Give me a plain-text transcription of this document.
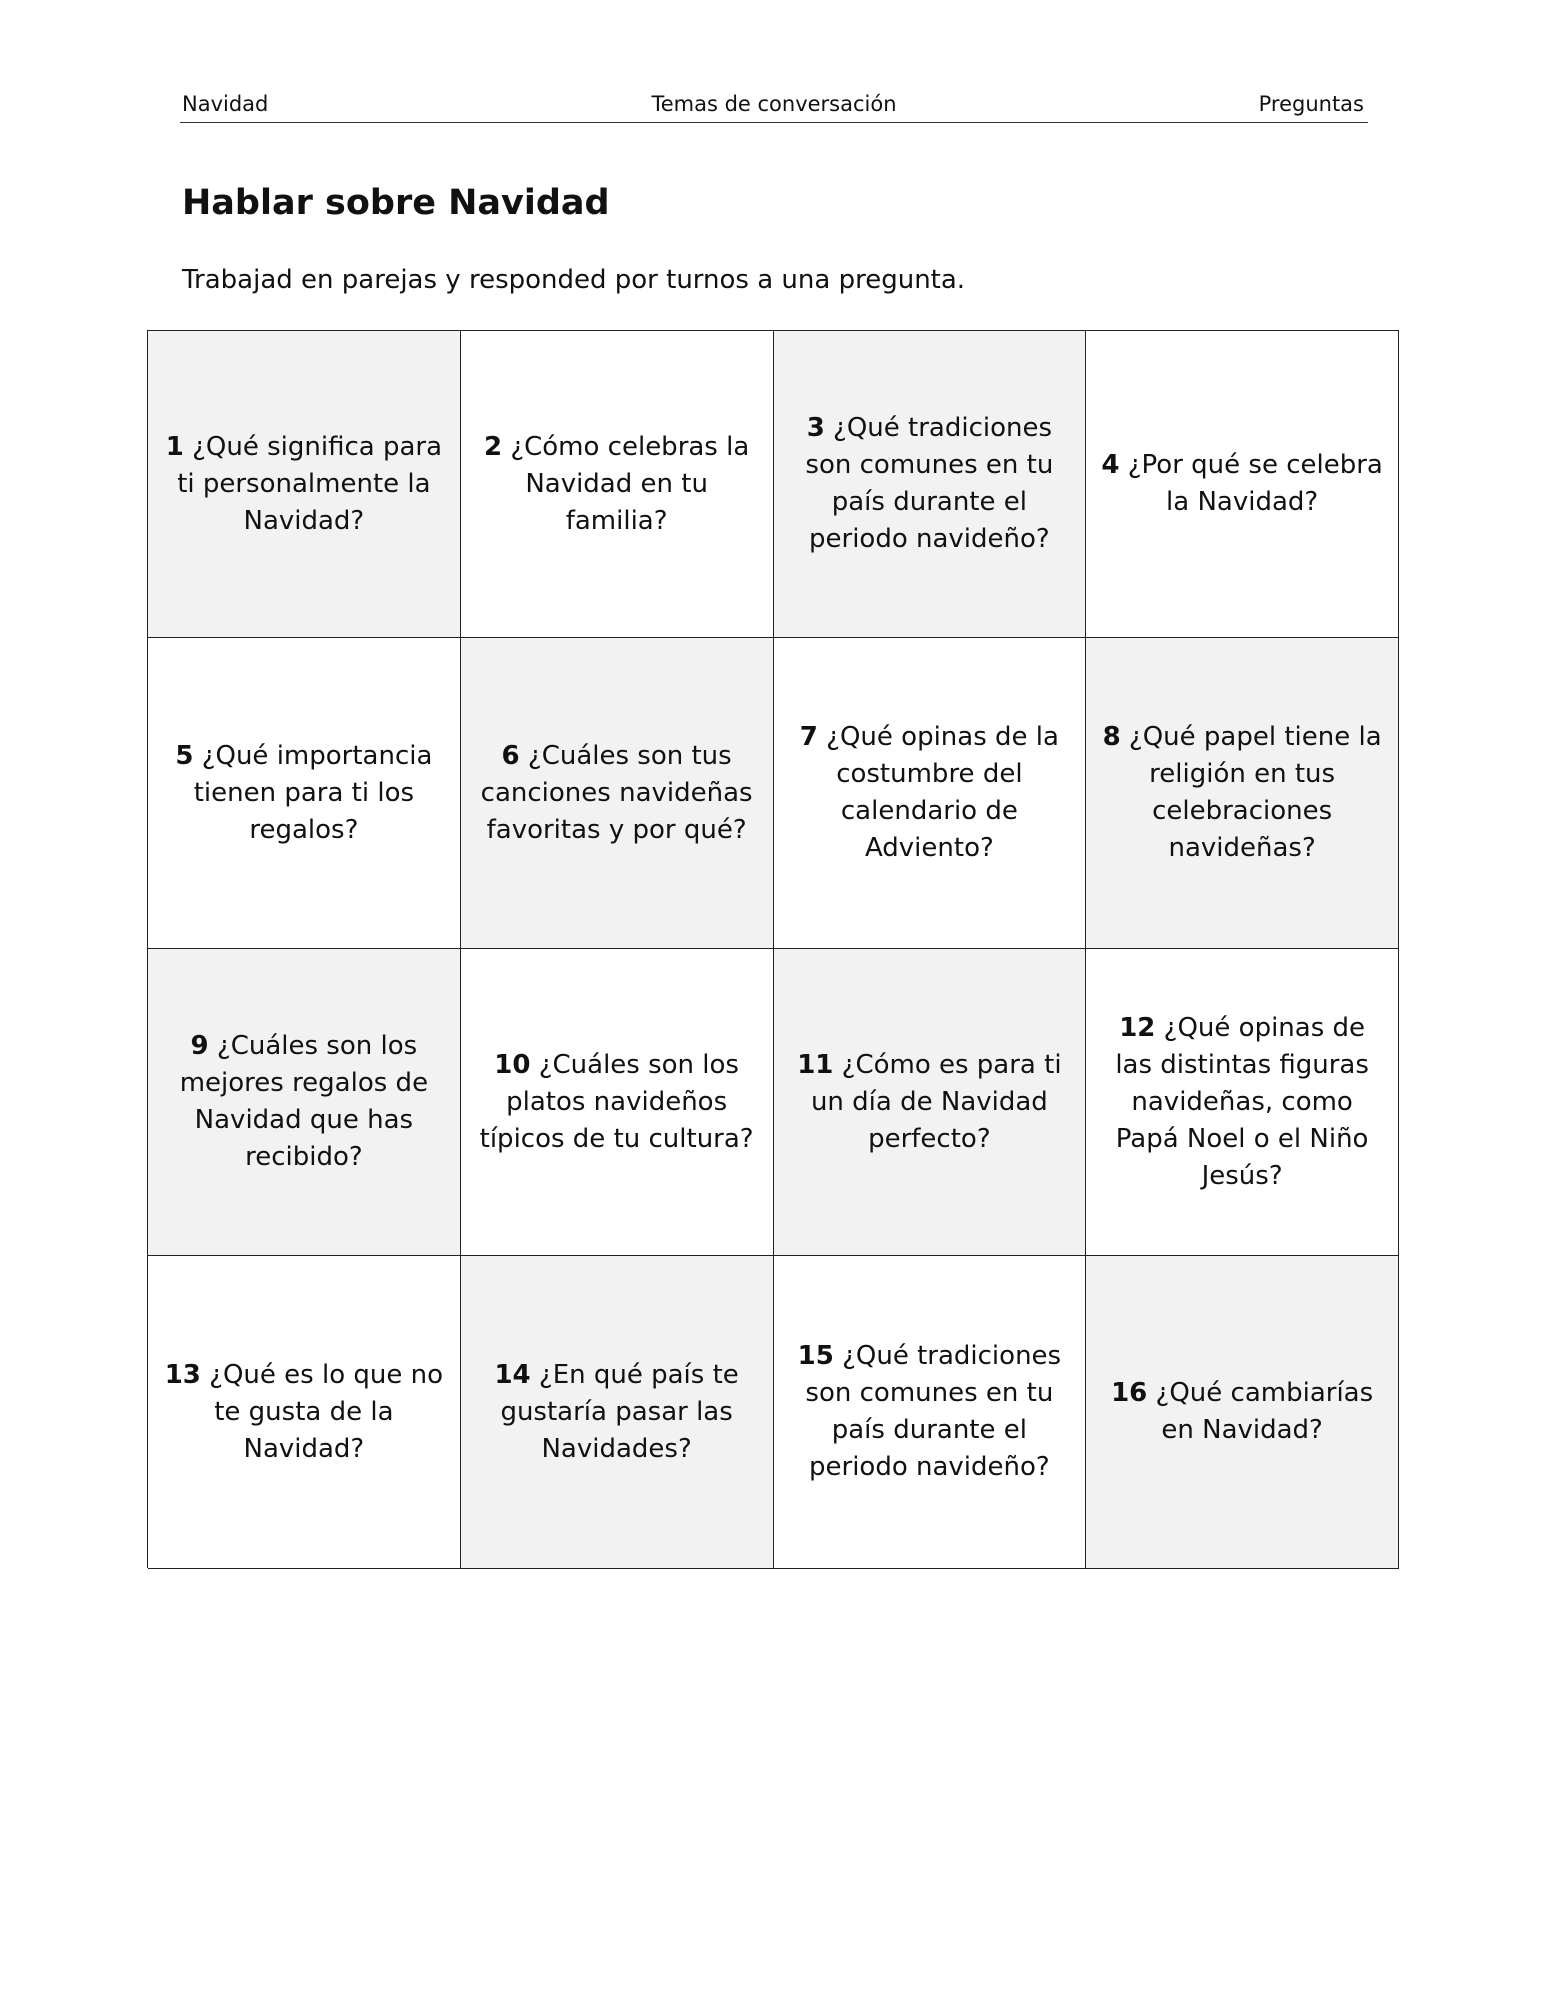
Navidad	Temas de conversación	Preguntas
Hablar sobre Navidad

Trabajad en parejas y responded por turnos a una pregunta.

1 ¿Qué significa para ti personalmente la Navidad?
2 ¿Cómo celebras la Navidad en tu familia?
3 ¿Qué tradiciones son comunes en tu país durante el periodo navideño?
4 ¿Por qué se celebra la Navidad?
5 ¿Qué importancia tienen para ti los regalos?
6 ¿Cuáles son tus canciones navideñas favoritas y por qué?
7 ¿Qué opinas de la costumbre del calendario de Adviento?
8 ¿Qué papel tiene la religión en tus celebraciones navideñas?
9 ¿Cuáles son los mejores regalos de Navidad que has recibido?
10 ¿Cuáles son los platos navideños típicos de tu cultura?
11 ¿Cómo es para ti un día de Navidad perfecto?
12 ¿Qué opinas de las distintas figuras navideñas, como Papá Noel o el Niño Jesús?
13 ¿Qué es lo que no te gusta de la Navidad?
14 ¿En qué país te gustaría pasar las Navidades?
15 ¿Qué tradiciones son comunes en tu país durante el periodo navideño?
16 ¿Qué cambiarías en Navidad?
